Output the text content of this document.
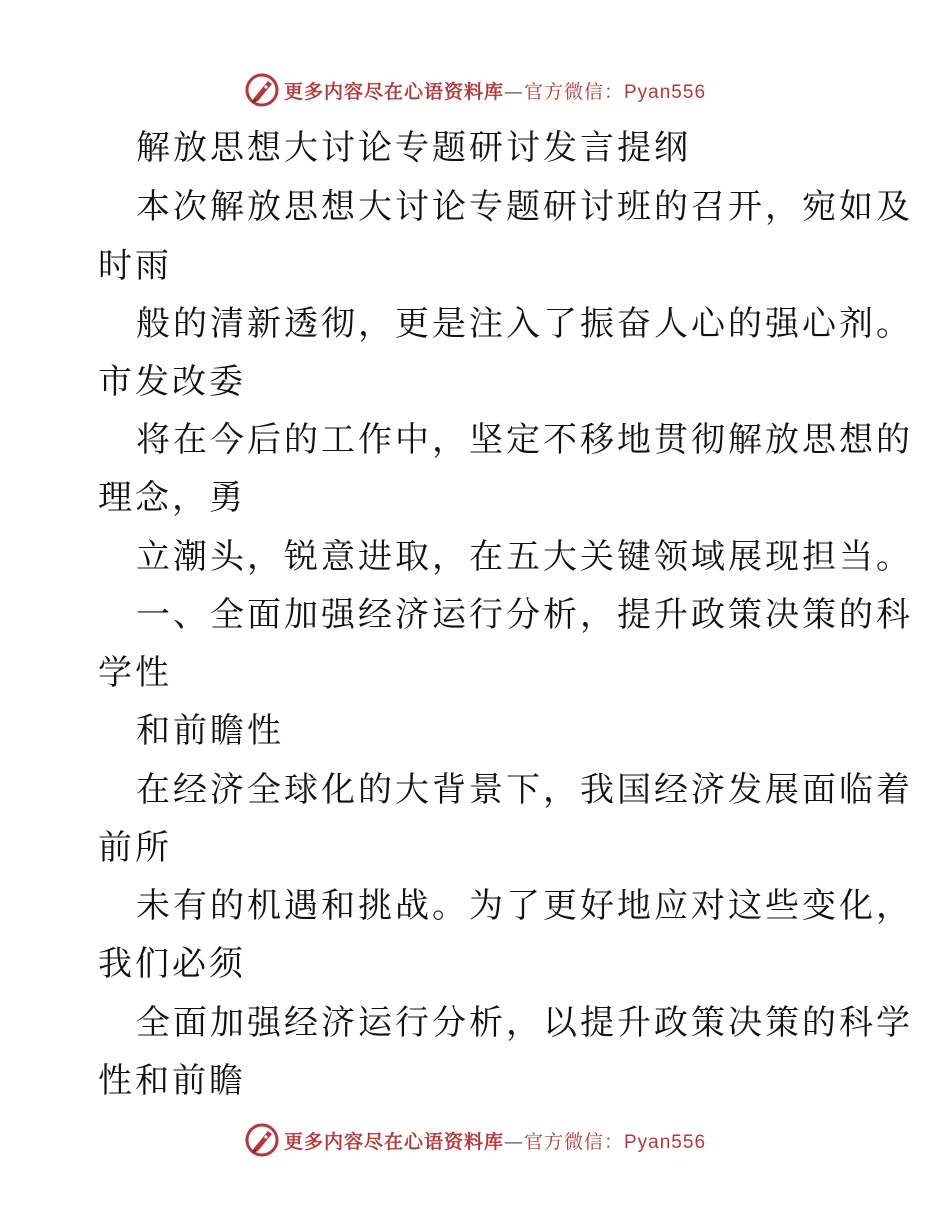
更多内容尽在心语资料库—官方微信：Pyan556
解放思想大讨论专题研讨发言提纲
本次解放思想大讨论专题研讨班的召开，宛如及
时雨
般的清新透彻，更是注入了振奋人心的强心剂。
市发改委
将在今后的工作中，坚定不移地贯彻解放思想的
理念，勇
立潮头，锐意进取，在五大关键领域展现担当。
一、全面加强经济运行分析，提升政策决策的科
学性
和前瞻性
在经济全球化的大背景下，我国经济发展面临着
前所
未有的机遇和挑战。为了更好地应对这些变化，
我们必须
全面加强经济运行分析，以提升政策决策的科学
性和前瞻
更多内容尽在心语资料库—官方微信：Pyan556
